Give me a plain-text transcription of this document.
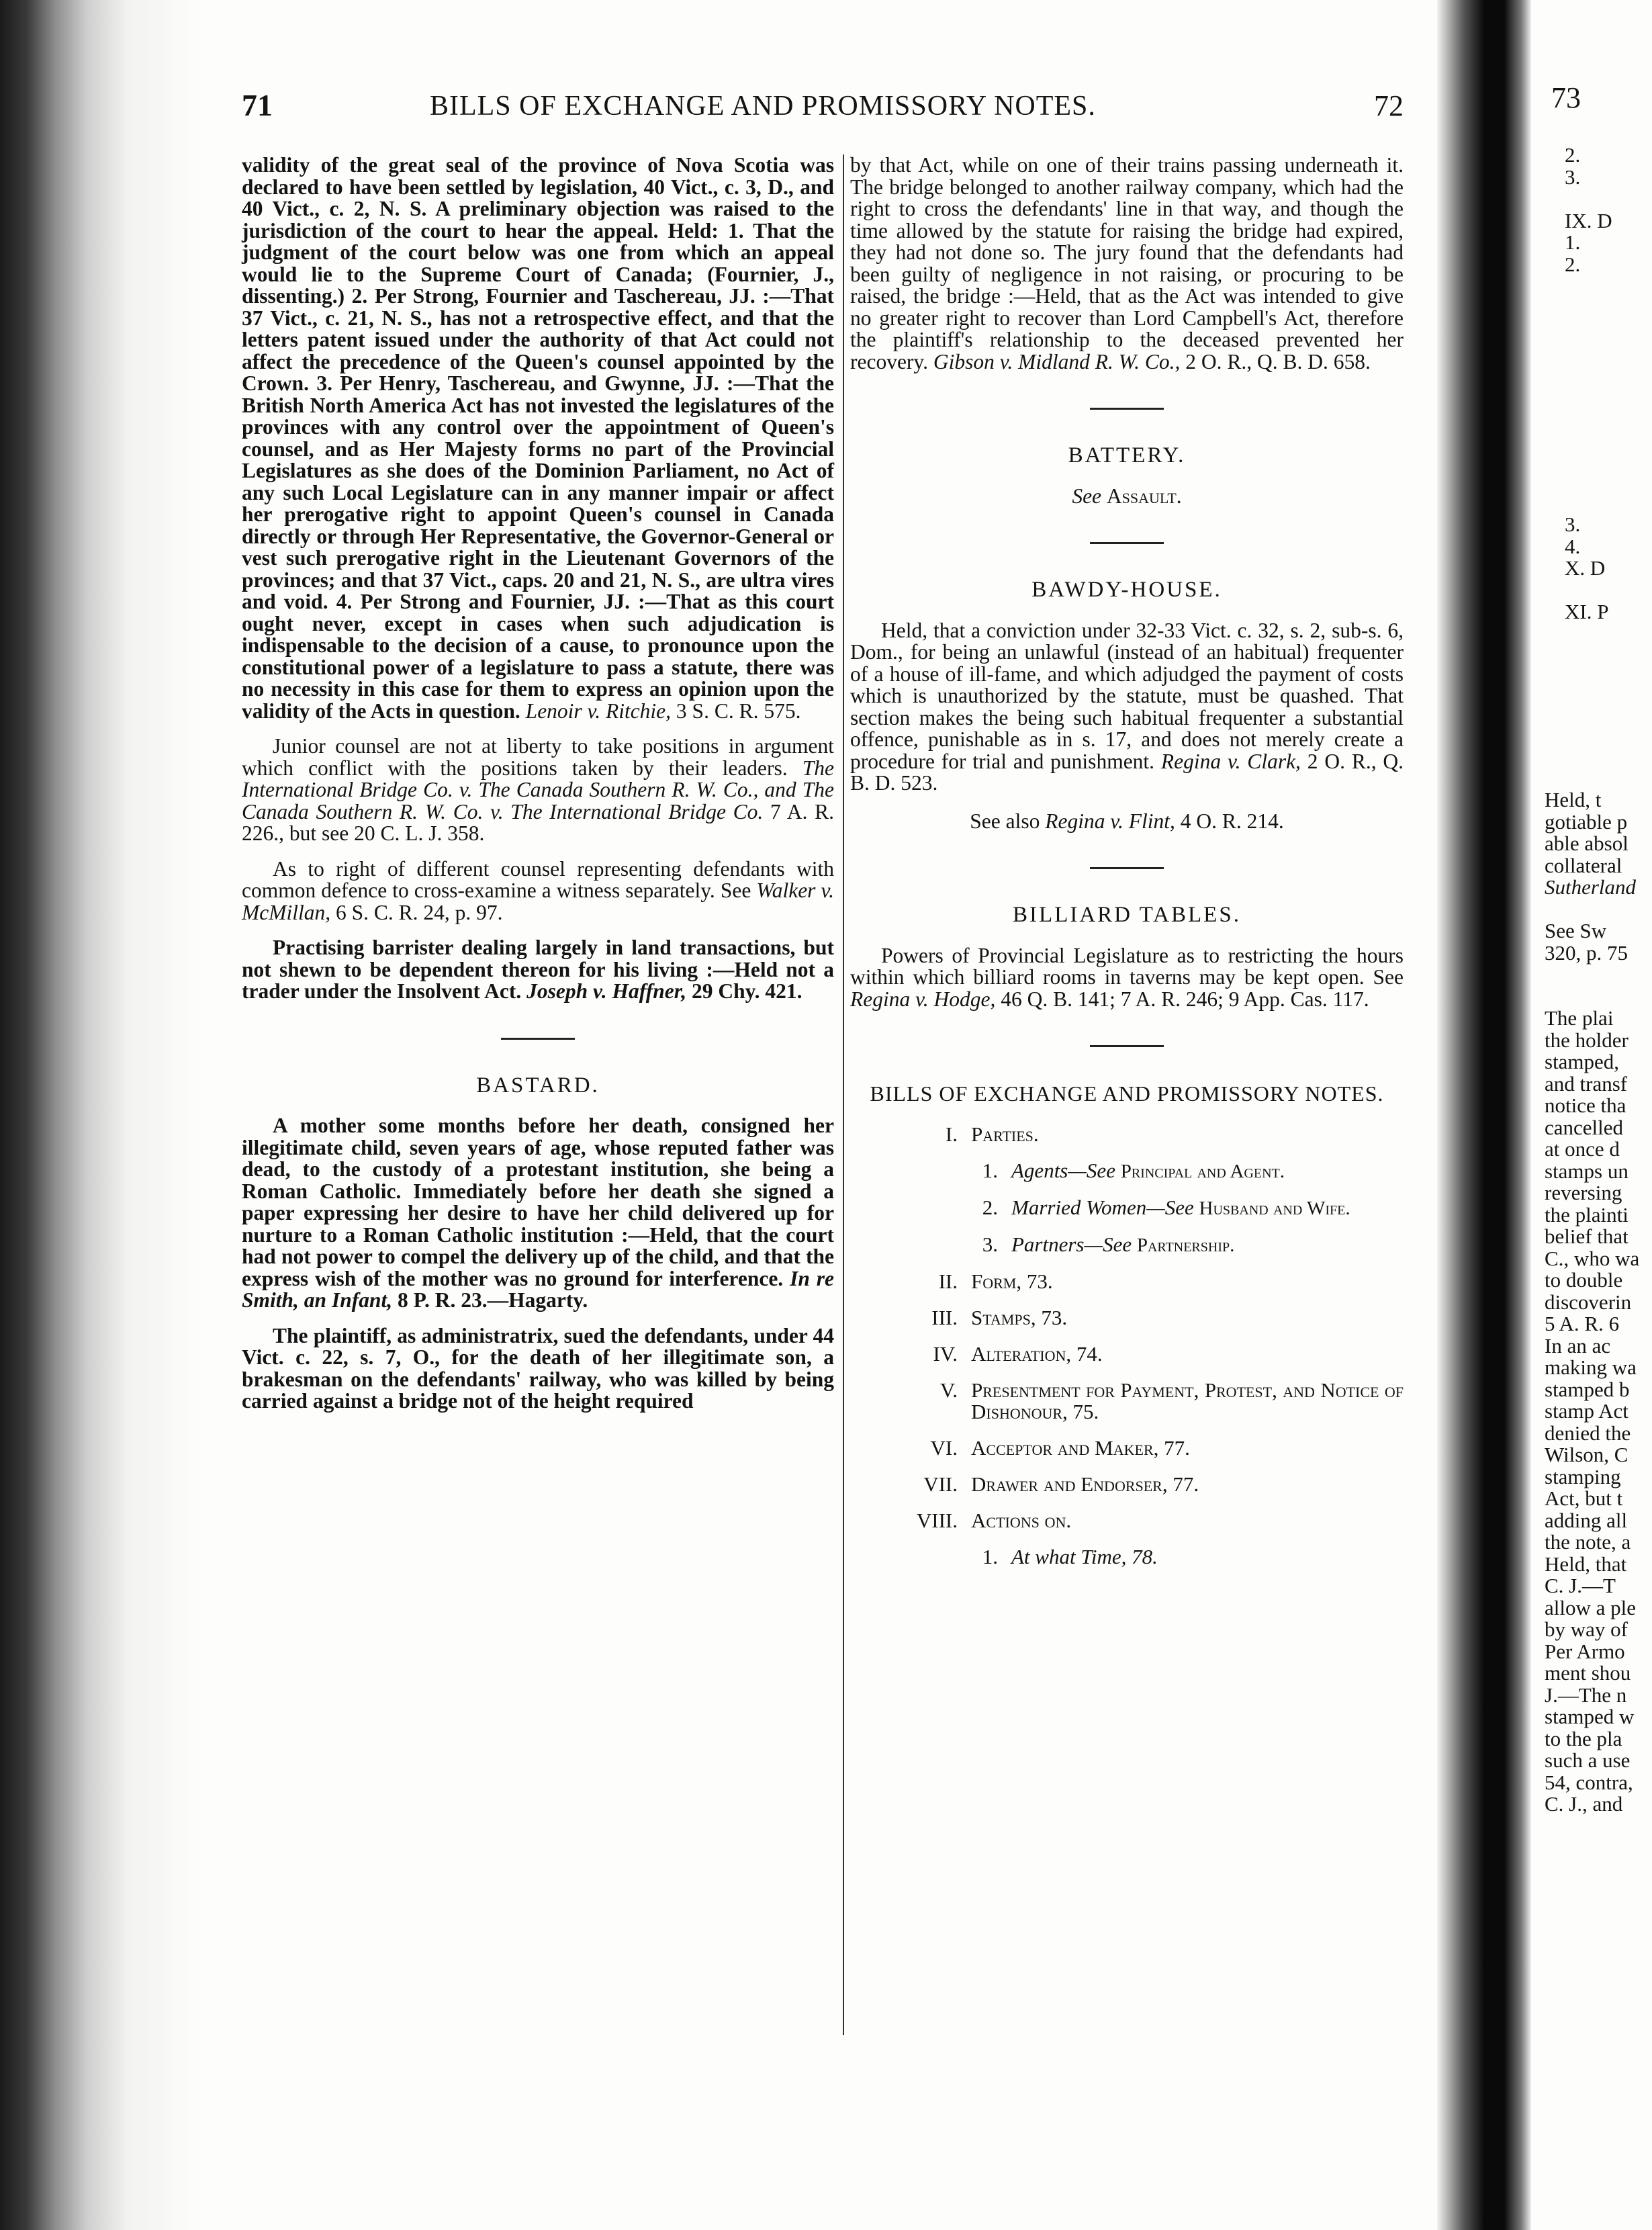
71	BILLS OF EXCHANGE AND PROMISSORY NOTES.	72

validity of the great seal of the province of Nova Scotia was declared to have been settled by legislation, 40 Vict., c. 3, D., and 40 Vict., c. 2, N. S. A preliminary objection was raised to the jurisdiction of the court to hear the appeal. Held: 1. That the judgment of the court below was one from which an appeal would lie to the Supreme Court of Canada; (Fournier, J., dissenting.) 2. Per Strong, Fournier and Taschereau, JJ. :—That 37 Vict., c. 21, N. S., has not a retrospective effect, and that the letters patent issued under the authority of that Act could not affect the precedence of the Queen's counsel appointed by the Crown. 3. Per Henry, Taschereau, and Gwynne, JJ. :—That the British North America Act has not invested the legislatures of the provinces with any control over the appointment of Queen's counsel, and as Her Majesty forms no part of the Provincial Legislatures as she does of the Dominion Parliament, no Act of any such Local Legislature can in any manner impair or affect her prerogative right to appoint Queen's counsel in Canada directly or through Her Representative, the Governor-General or vest such prerogative right in the Lieutenant Governors of the provinces; and that 37 Vict., caps. 20 and 21, N. S., are ultra vires and void. 4. Per Strong and Fournier, JJ. :—That as this court ought never, except in cases when such adjudication is indispensable to the decision of a cause, to pronounce upon the constitutional power of a legislature to pass a statute, there was no necessity in this case for them to express an opinion upon the validity of the Acts in question. Lenoir v. Ritchie, 3 S. C. R. 575.

Junior counsel are not at liberty to take positions in argument which conflict with the positions taken by their leaders. The International Bridge Co. v. The Canada Southern R. W. Co., and The Canada Southern R. W. Co. v. The International Bridge Co. 7 A. R. 226., but see 20 C. L. J. 358.

As to right of different counsel representing defendants with common defence to cross-examine a witness separately. See Walker v. McMillan, 6 S. C. R. 24, p. 97.

Practising barrister dealing largely in land transactions, but not shewn to be dependent thereon for his living :—Held not a trader under the Insolvent Act. Joseph v. Haffner, 29 Chy. 421.

BASTARD.

A mother some months before her death, consigned her illegitimate child, seven years of age, whose reputed father was dead, to the custody of a protestant institution, she being a Roman Catholic. Immediately before her death she signed a paper expressing her desire to have her child delivered up for nurture to a Roman Catholic institution :—Held, that the court had not power to compel the delivery up of the child, and that the express wish of the mother was no ground for interference. In re Smith, an Infant, 8 P. R. 23.—Hagarty.

The plaintiff, as administratrix, sued the defendants, under 44 Vict. c. 22, s. 7, O., for the death of her illegitimate son, a brakesman on the defendants' railway, who was killed by being carried against a bridge not of the height required

by that Act, while on one of their trains passing underneath it. The bridge belonged to another railway company, which had the right to cross the defendants' line in that way, and though the time allowed by the statute for raising the bridge had expired, they had not done so. The jury found that the defendants had been guilty of negligence in not raising, or procuring to be raised, the bridge :—Held, that as the Act was intended to give no greater right to recover than Lord Campbell's Act, therefore the plaintiff's relationship to the deceased prevented her recovery. Gibson v. Midland R. W. Co., 2 O. R., Q. B. D. 658.

BATTERY.

See Assault.

BAWDY-HOUSE.

Held, that a conviction under 32-33 Vict. c. 32, s. 2, sub-s. 6, Dom., for being an unlawful (instead of an habitual) frequenter of a house of ill-fame, and which adjudged the payment of costs which is unauthorized by the statute, must be quashed. That section makes the being such habitual frequenter a substantial offence, punishable as in s. 17, and does not merely create a procedure for trial and punishment. Regina v. Clark, 2 O. R., Q. B. D. 523.

See also Regina v. Flint, 4 O. R. 214.

BILLIARD TABLES.

Powers of Provincial Legislature as to restricting the hours within which billiard rooms in taverns may be kept open. See Regina v. Hodge, 46 Q. B. 141; 7 A. R. 246; 9 App. Cas. 117.

BILLS OF EXCHANGE AND PROMISSORY NOTES.
I. Parties.
1. Agents—See Principal and Agent.
2. Married Women—See Husband and Wife.
3. Partners—See Partnership.
II. Form, 73.
III. Stamps, 73.
IV. Alteration, 74.
V. Presentment for Payment, Protest, and Notice of Dishonour, 75.
VI. Acceptor and Maker, 77.
VII. Drawer and Endorser, 77.
VIII. Actions on.
1. At what Time, 78.
73
2.
3.
IX. D
1.
2.
3.
4.
X. D
XI. P
Held, t
gotiable p
able absol
collateral
Sutherland
See Sw
320, p. 75
The plai
the holder
stamped,
and transf
notice tha
cancelled
at once d
stamps un
reversing
the plainti
belief that
C., who wa
to double
discoverin
5 A. R. 6
In an ac
making wa
stamped b
stamp Act
denied the
Wilson, C
stamping
Act, but t
adding all
the note, a
Held, that
C. J.—T
allow a ple
by way of
Per Armo
ment shou
J.—The n
stamped w
to the pla
such a use
54, contra,
C. J., and
